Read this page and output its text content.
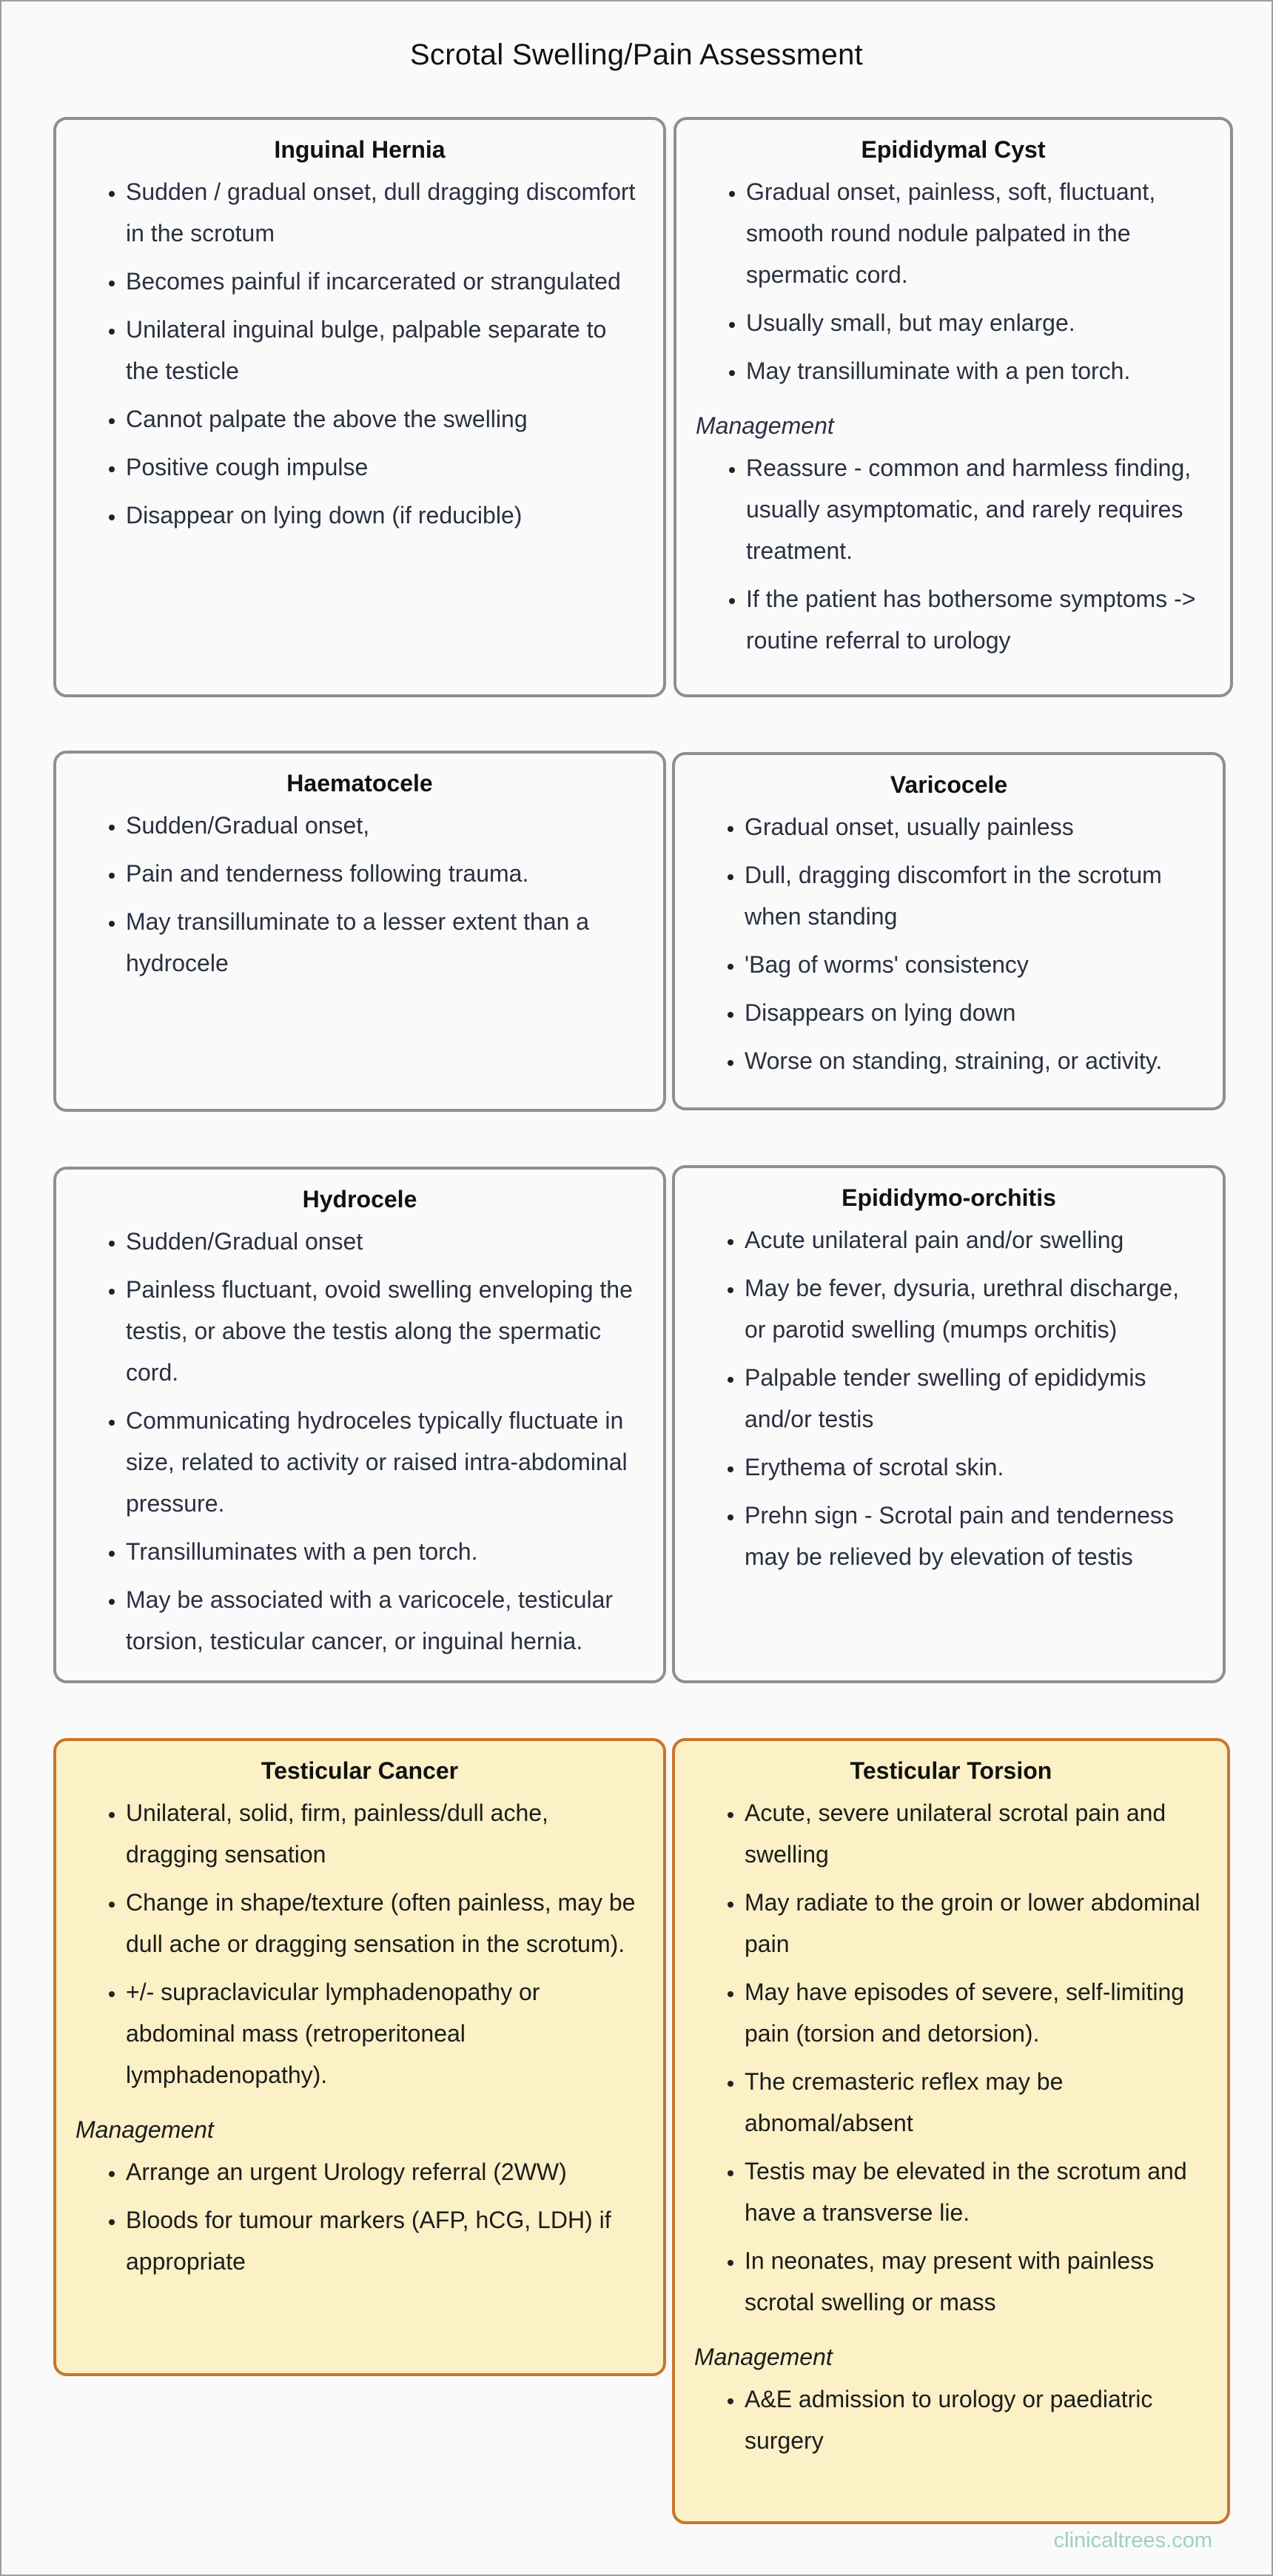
Scrotal Swelling/Pain Assessment
Inguinal Hernia
• Sudden / gradual onset, dull dragging discomfort in the scrotum
• Becomes painful if incarcerated or strangulated
• Unilateral inguinal bulge, palpable separate to the testicle
• Cannot palpate the above the swelling
• Positive cough impulse
• Disappear on lying down (if reducible)
Epididymal Cyst
• Gradual onset, painless, soft, fluctuant, smooth round nodule palpated in the spermatic cord.
• Usually small, but may enlarge.
• May transilluminate with a pen torch.
Management
• Reassure - common and harmless finding, usually asymptomatic, and rarely requires treatment.
• If the patient has bothersome symptoms -> routine referral to urology
Haematocele
• Sudden/Gradual onset,
• Pain and tenderness following trauma.
• May transilluminate to a lesser extent than a hydrocele
Varicocele
• Gradual onset, usually painless
• Dull, dragging discomfort in the scrotum when standing
• 'Bag of worms' consistency
• Disappears on lying down
• Worse on standing, straining, or activity.
Hydrocele
• Sudden/Gradual onset
• Painless fluctuant, ovoid swelling enveloping the testis, or above the testis along the spermatic cord.
• Communicating hydroceles typically fluctuate in size, related to activity or raised intra-abdominal pressure.
• Transilluminates with a pen torch.
• May be associated with a varicocele, testicular torsion, testicular cancer, or inguinal hernia.
Epididymo-orchitis
• Acute unilateral pain and/or swelling
• May be fever, dysuria, urethral discharge, or parotid swelling (mumps orchitis)
• Palpable tender swelling of epididymis and/or testis
• Erythema of scrotal skin.
• Prehn sign - Scrotal pain and tenderness may be relieved by elevation of testis
Testicular Cancer
• Unilateral, solid, firm, painless/dull ache, dragging sensation
• Change in shape/texture (often painless, may be dull ache or dragging sensation in the scrotum).
• +/- supraclavicular lymphadenopathy or abdominal mass (retroperitoneal lymphadenopathy).
Management
• Arrange an urgent Urology referral (2WW)
• Bloods for tumour markers (AFP, hCG, LDH) if appropriate
Testicular Torsion
• Acute, severe unilateral scrotal pain and swelling
• May radiate to the groin or lower abdominal pain
• May have episodes of severe, self-limiting pain (torsion and detorsion).
• The cremasteric reflex may be abnomal/absent
• Testis may be elevated in the scrotum and have a transverse lie.
• In neonates, may present with painless scrotal swelling or mass
Management
• A&E admission to urology or paediatric surgery
clinicaltrees.com
